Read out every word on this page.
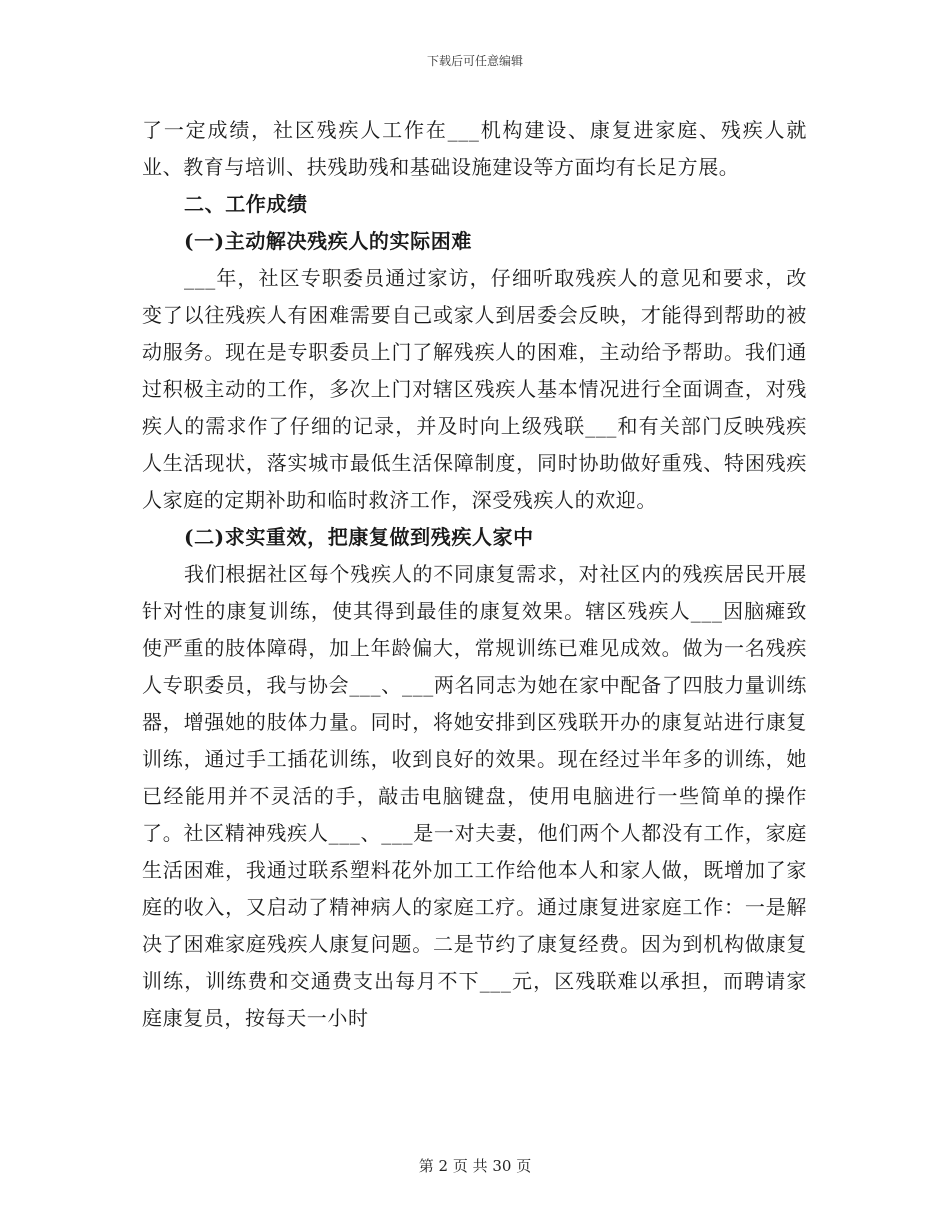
下载后可任意编辑

了一定成绩，社区残疾人工作在___机构建设、康复进家庭、残疾人就业、教育与培训、扶残助残和基础设施建设等方面均有长足方展。

二、工作成绩

(一)主动解决残疾人的实际困难

___年，社区专职委员通过家访，仔细听取残疾人的意见和要求，改变了以往残疾人有困难需要自己或家人到居委会反映，才能得到帮助的被动服务。现在是专职委员上门了解残疾人的困难，主动给予帮助。我们通过积极主动的工作，多次上门对辖区残疾人基本情况进行全面调查，对残疾人的需求作了仔细的记录，并及时向上级残联___和有关部门反映残疾人生活现状，落实城市最低生活保障制度，同时协助做好重残、特困残疾人家庭的定期补助和临时救济工作，深受残疾人的欢迎。

(二)求实重效，把康复做到残疾人家中

我们根据社区每个残疾人的不同康复需求，对社区内的残疾居民开展针对性的康复训练，使其得到最佳的康复效果。辖区残疾人___因脑瘫致使严重的肢体障碍，加上年龄偏大，常规训练已难见成效。做为一名残疾人专职委员，我与协会___、___两名同志为她在家中配备了四肢力量训练器，增强她的肢体力量。同时，将她安排到区残联开办的康复站进行康复训练，通过手工插花训练，收到良好的效果。现在经过半年多的训练，她已经能用并不灵活的手，敲击电脑键盘，使用电脑进行一些简单的操作了。社区精神残疾人___、___是一对夫妻，他们两个人都没有工作，家庭生活困难，我通过联系塑料花外加工工作给他本人和家人做，既增加了家庭的收入，又启动了精神病人的家庭工疗。通过康复进家庭工作：一是解决了困难家庭残疾人康复问题。二是节约了康复经费。因为到机构做康复训练，训练费和交通费支出每月不下___元，区残联难以承担，而聘请家庭康复员，按每天一小时

第 2 页 共 30 页
